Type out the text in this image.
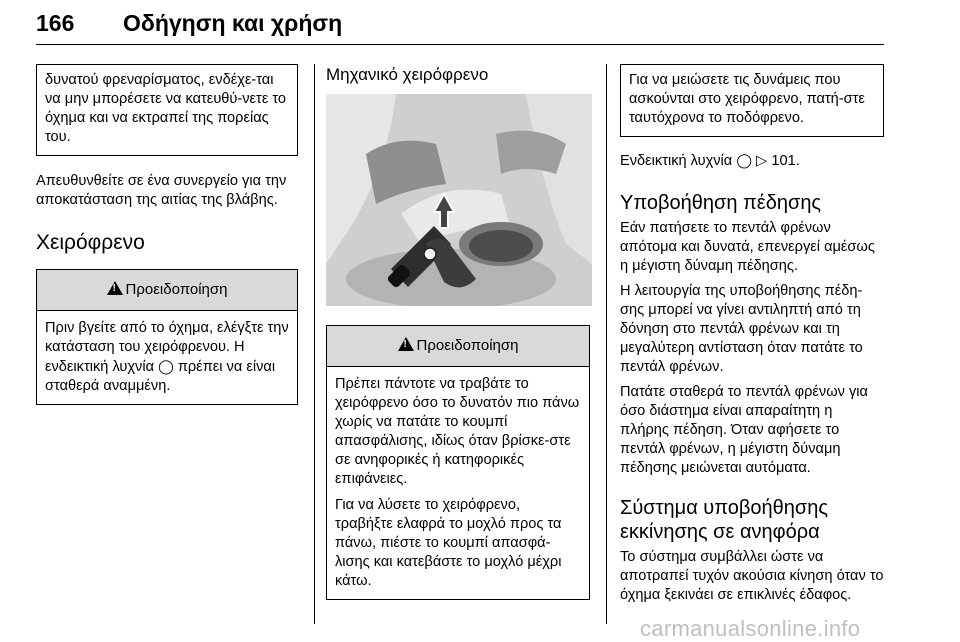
166 Οδήγηση και χρήση

δυνατού φρεναρίσματος, ενδέχε-ται να μην μπορέσετε να κατευθύ-νετε το όχημα και να εκτραπεί της πορείας του.

Απευθυνθείτε σε ένα συνεργείο για την αποκατάσταση της αιτίας της βλάβης.

Χειρόφρενο
!Προειδοποίηση

Πριν βγείτε από το όχημα, ελέγξτε την κατάσταση του χειρόφρενου. Η ενδεικτική λυχνία ◯ πρέπει να είναι σταθερά αναμμένη.

Μηχανικό χειρόφρενο
!Προειδοποίηση

Πρέπει πάντοτε να τραβάτε το χειρόφρενο όσο το δυνατόν πιο πάνω χωρίς να πατάτε το κουμπί απασφάλισης, ιδίως όταν βρίσκε-στε σε ανηφορικές ή κατηφορικές επιφάνειες.

Για να λύσετε το χειρόφρενο, τραβήξτε ελαφρά το μοχλό προς τα πάνω, πιέστε το κουμπί απασφά-λισης και κατεβάστε το μοχλό μέχρι κάτω.

Για να μειώσετε τις δυνάμεις που ασκούνται στο χειρόφρενο, πατή-στε ταυτόχρονα το ποδόφρενο.

Ενδεικτική λυχνία ◯ ▷ 101.

Υποβοήθηση πέδησης

Εάν πατήσετε το πεντάλ φρένων απότομα και δυνατά, επενεργεί αμέσως η μέγιστη δύναμη πέδησης.

Η λειτουργία της υποβοήθησης πέδη-σης μπορεί να γίνει αντιληπτή από τη δόνηση στο πεντάλ φρένων και τη μεγαλύτερη αντίσταση όταν πατάτε το πεντάλ φρένων.

Πατάτε σταθερά το πεντάλ φρένων για όσο διάστημα είναι απαραίτητη η πλήρης πέδηση. Όταν αφήσετε το πεντάλ φρένων, η μέγιστη δύναμη πέδησης μειώνεται αυτόματα.

Σύστημα υποβοήθησης εκκίνησης σε ανηφόρα

Το σύστημα συμβάλλει ώστε να αποτραπεί τυχόν ακούσια κίνηση όταν το όχημα ξεκινάει σε επικλινές έδαφος.

carmanualsonline.info
